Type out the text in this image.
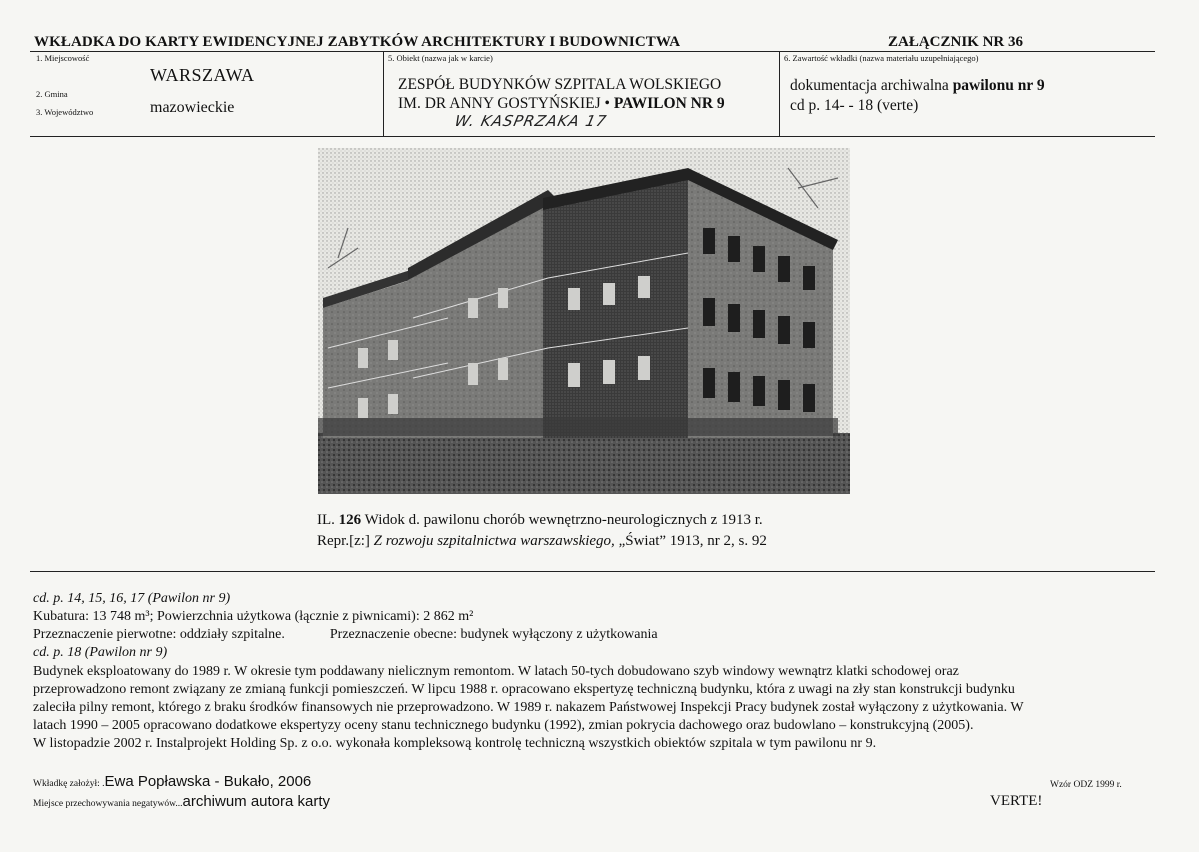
WKŁADKA DO KARTY EWIDENCYJNEJ ZABYTKÓW ARCHITEKTURY I BUDOWNICTWA	ZAŁĄCZNIK NR 36
1. Miejscowość
WARSZAWA
2. Gmina
3. Województwo	mazowieckie
5. Obiekt (nazwa jak w karcie)
ZESPÓŁ BUDYNKÓW SZPITALA WOLSKIEGO
IM. DR ANNY GOSTYŃSKIEJ • PAWILON NR 9
W. KASPRZAKA 17
6. Zawartość wkładki (nazwa materiału uzupełniającego)
dokumentacja archiwalna pawilonu nr 9
cd p. 14- - 18 (verte)
IL. 126 Widok d. pawilonu chorób wewnętrzno-neurologicznych z 1913 r.
Repr.[z:] Z rozwoju szpitalnictwa warszawskiego, „Świat” 1913, nr 2, s. 92
cd. p. 14, 15, 16, 17 (Pawilon nr 9)
Kubatura: 13 748 m³; Powierzchnia użytkowa (łącznie z piwnicami): 2 862 m²
Przeznaczenie pierwotne: oddziały szpitalne.	Przeznaczenie obecne: budynek wyłączony z użytkowania
cd. p. 18 (Pawilon nr 9)
Budynek eksploatowany do 1989 r. W okresie tym poddawany nielicznym remontom. W latach 50-tych dobudowano szyb windowy wewnątrz klatki schodowej oraz
przeprowadzono remont związany ze zmianą funkcji pomieszczeń. W lipcu 1988 r. opracowano ekspertyzę techniczną budynku, która z uwagi na zły stan konstrukcji budynku
zaleciła pilny remont, którego z braku środków finansowych nie przeprowadzono. W 1989 r. nakazem Państwowej Inspekcji Pracy budynek został wyłączony z użytkowania. W
latach 1990 – 2005 opracowano dodatkowe ekspertyzy oceny stanu technicznego budynku (1992), zmian pokrycia dachowego oraz budowlano – konstrukcyjną (2005).
W listopadzie 2002 r. Instalprojekt Holding Sp. z o.o. wykonała kompleksową kontrolę techniczną wszystkich obiektów szpitala w tym pawilonu nr 9.
Wkładkę założył: .Ewa Popławska - Bukało, 2006
Miejsce przechowywania negatywów...archiwum autora karty
Wzór ODZ 1999 r.
VERTE!
